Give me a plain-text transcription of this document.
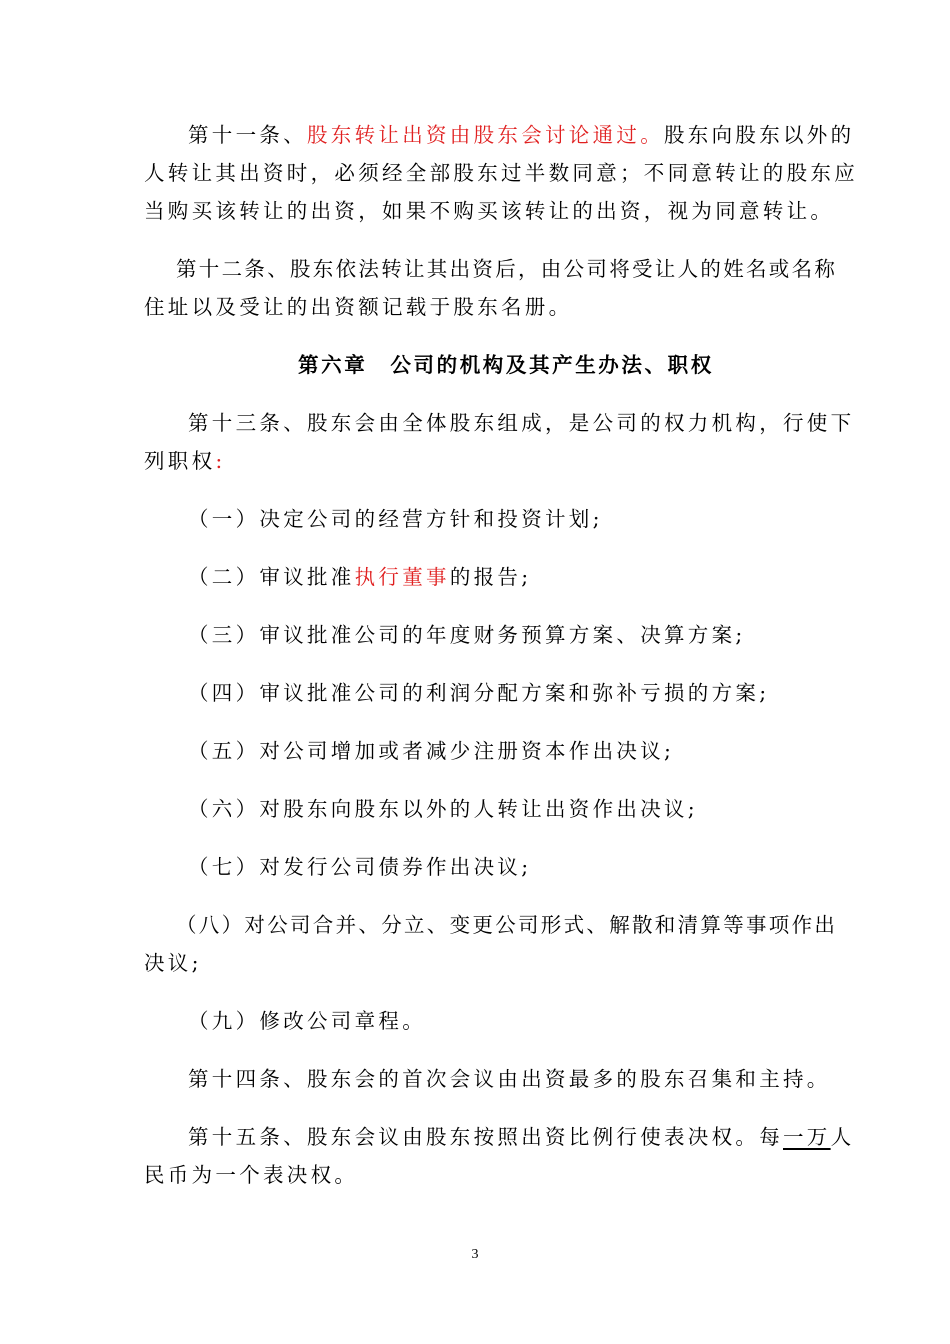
第十一条、股东转让出资由股东会讨论通过。股东向股东以外的
人转让其出资时，必须经全部股东过半数同意；不同意转让的股东应
当购买该转让的出资，如果不购买该转让的出资，视为同意转让。
第十二条、股东依法转让其出资后，由公司将受让人的姓名或名称
住址以及受让的出资额记载于股东名册。
第六章　公司的机构及其产生办法、职权
第十三条、股东会由全体股东组成，是公司的权力机构，行使下
列职权:
（一）决定公司的经营方针和投资计划;
（二）审议批准执行董事的报告;
（三）审议批准公司的年度财务预算方案、决算方案;
（四）审议批准公司的利润分配方案和弥补亏损的方案;
（五）对公司增加或者减少注册资本作出决议;
（六）对股东向股东以外的人转让出资作出决议;
（七）对发行公司债券作出决议;
（八）对公司合并、分立、变更公司形式、解散和清算等事项作出
决议;
（九）修改公司章程。
第十四条、股东会的首次会议由出资最多的股东召集和主持。
第十五条、股东会议由股东按照出资比例行使表决权。每一万人
民币为一个表决权。
3
